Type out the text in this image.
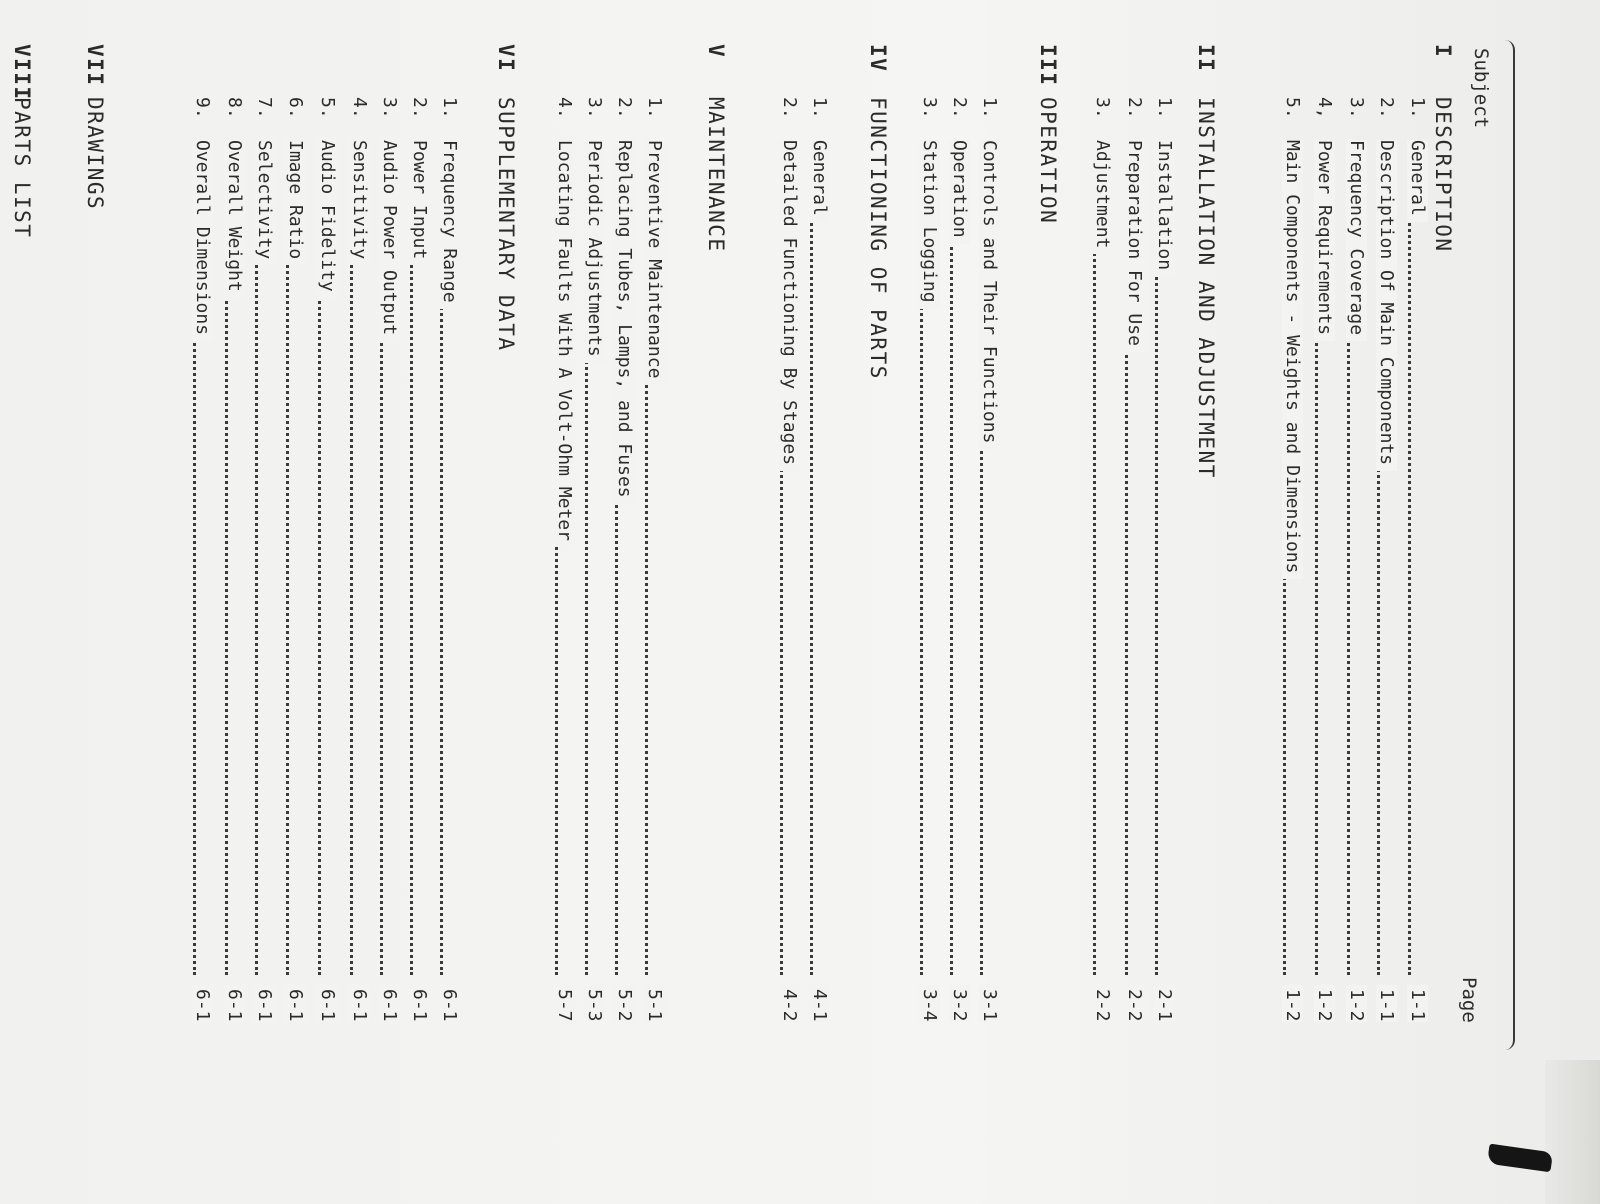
Subject
Page
I
DESCRIPTION
1.
General
1-1
2.
Description Of Main Components
1-1
3.
Frequency Coverage
1-2
4,
Power Requirements
1-2
5.
Main Components - Weights and Dimensions
1-2
II
INSTALLATION AND ADJUSTMENT
1.
Installation
2-1
2.
Preparation For Use
2-2
3.
Adjustment
2-2
III
OPERATION
1.
Controls and Their Functions
3-1
2.
Operation
3-2
3.
Station Logging
3-4
IV
FUNCTIONING OF PARTS
1.
General
4-1
2.
Detailed Functioning By Stages
4-2
V
MAINTENANCE
1.
Preventive Maintenance
5-1
2.
Replacing Tubes, Lamps, and Fuses
5-2
3.
Periodic Adjustments
5-3
4.
Locating Faults With A Volt-Ohm Meter
5-7
VI
SUPPLEMENTARY DATA
1.
Frequency Range
6-1
2.
Power Input
6-1
3.
Audio Power Output
6-1
4.
Sensitivity
6-1
5.
Audio Fidelity
6-1
6.
Image Ratio
6-1
7.
Selectivity
6-1
8.
Overall Weight
6-1
9.
Overall Dimensions
6-1
VII
DRAWINGS
VIII
PARTS LIST
